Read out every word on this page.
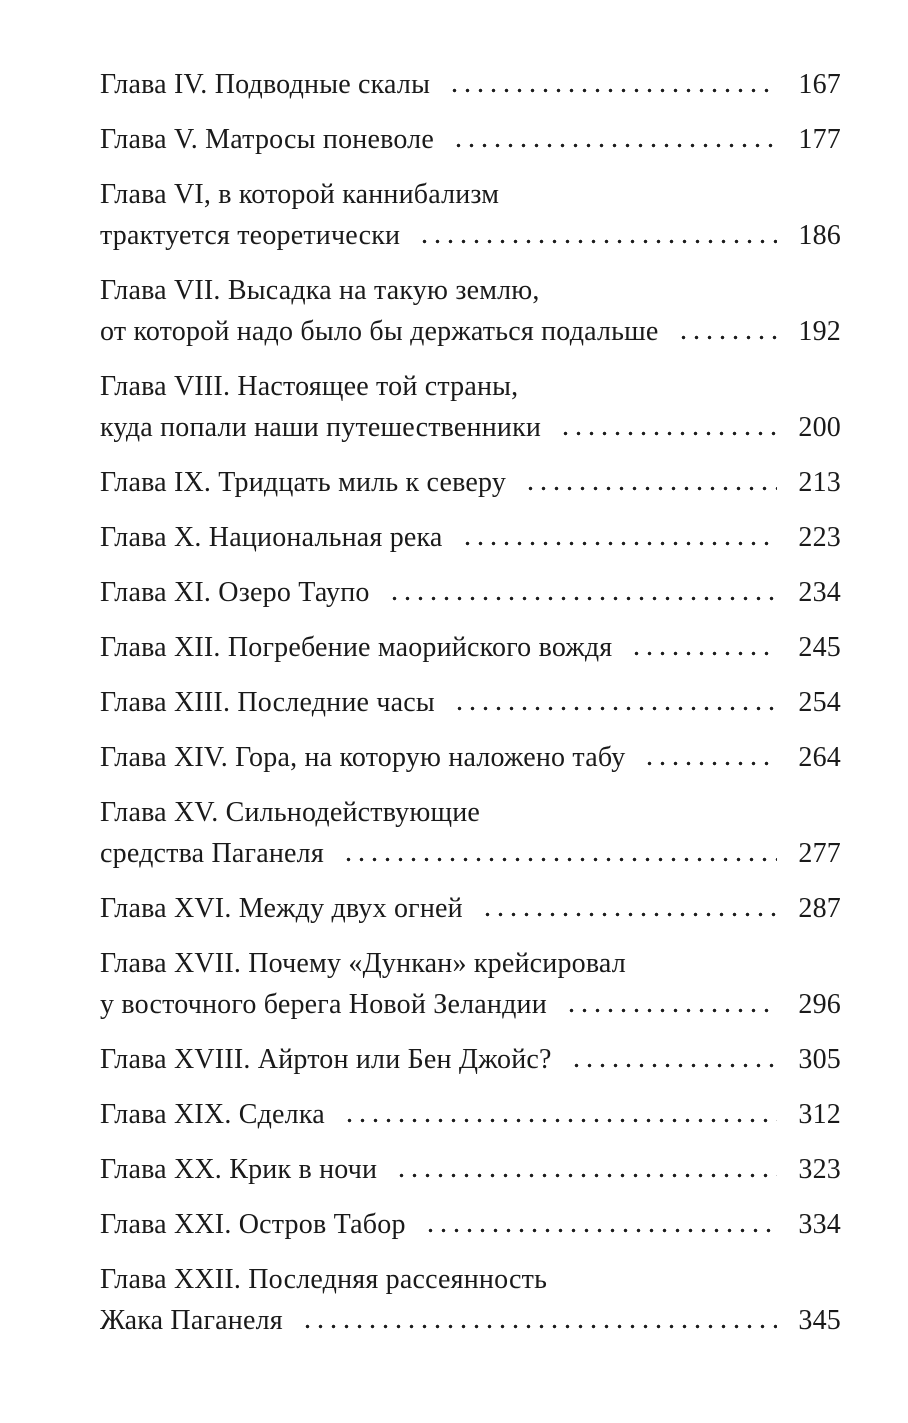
Глава IV. Подводные скалы	167
Глава V. Матросы поневоле	177
Глава VI, в которой каннибализм
трактуется теоретически	186
Глава VII. Высадка на такую землю,
от которой надо было бы держаться подальше	192
Глава VIII. Настоящее той страны,
куда попали наши путешественники	200
Глава IX. Тридцать миль к северу	213
Глава X. Национальная река	223
Глава XI. Озеро Таупо	234
Глава XII. Погребение маорийского вождя	245
Глава XIII. Последние часы	254
Глава XIV. Гора, на которую наложено табу	264
Глава XV. Сильнодействующие
средства Паганеля	277
Глава XVI. Между двух огней	287
Глава XVII. Почему «Дункан» крейсировал
у восточного берега Новой Зеландии	296
Глава XVIII. Айртон или Бен Джойс?	305
Глава XIX. Сделка	312
Глава XX. Крик в ночи	323
Глава XXI. Остров Табор	334
Глава XXII. Последняя рассеянность
Жака Паганеля	345
